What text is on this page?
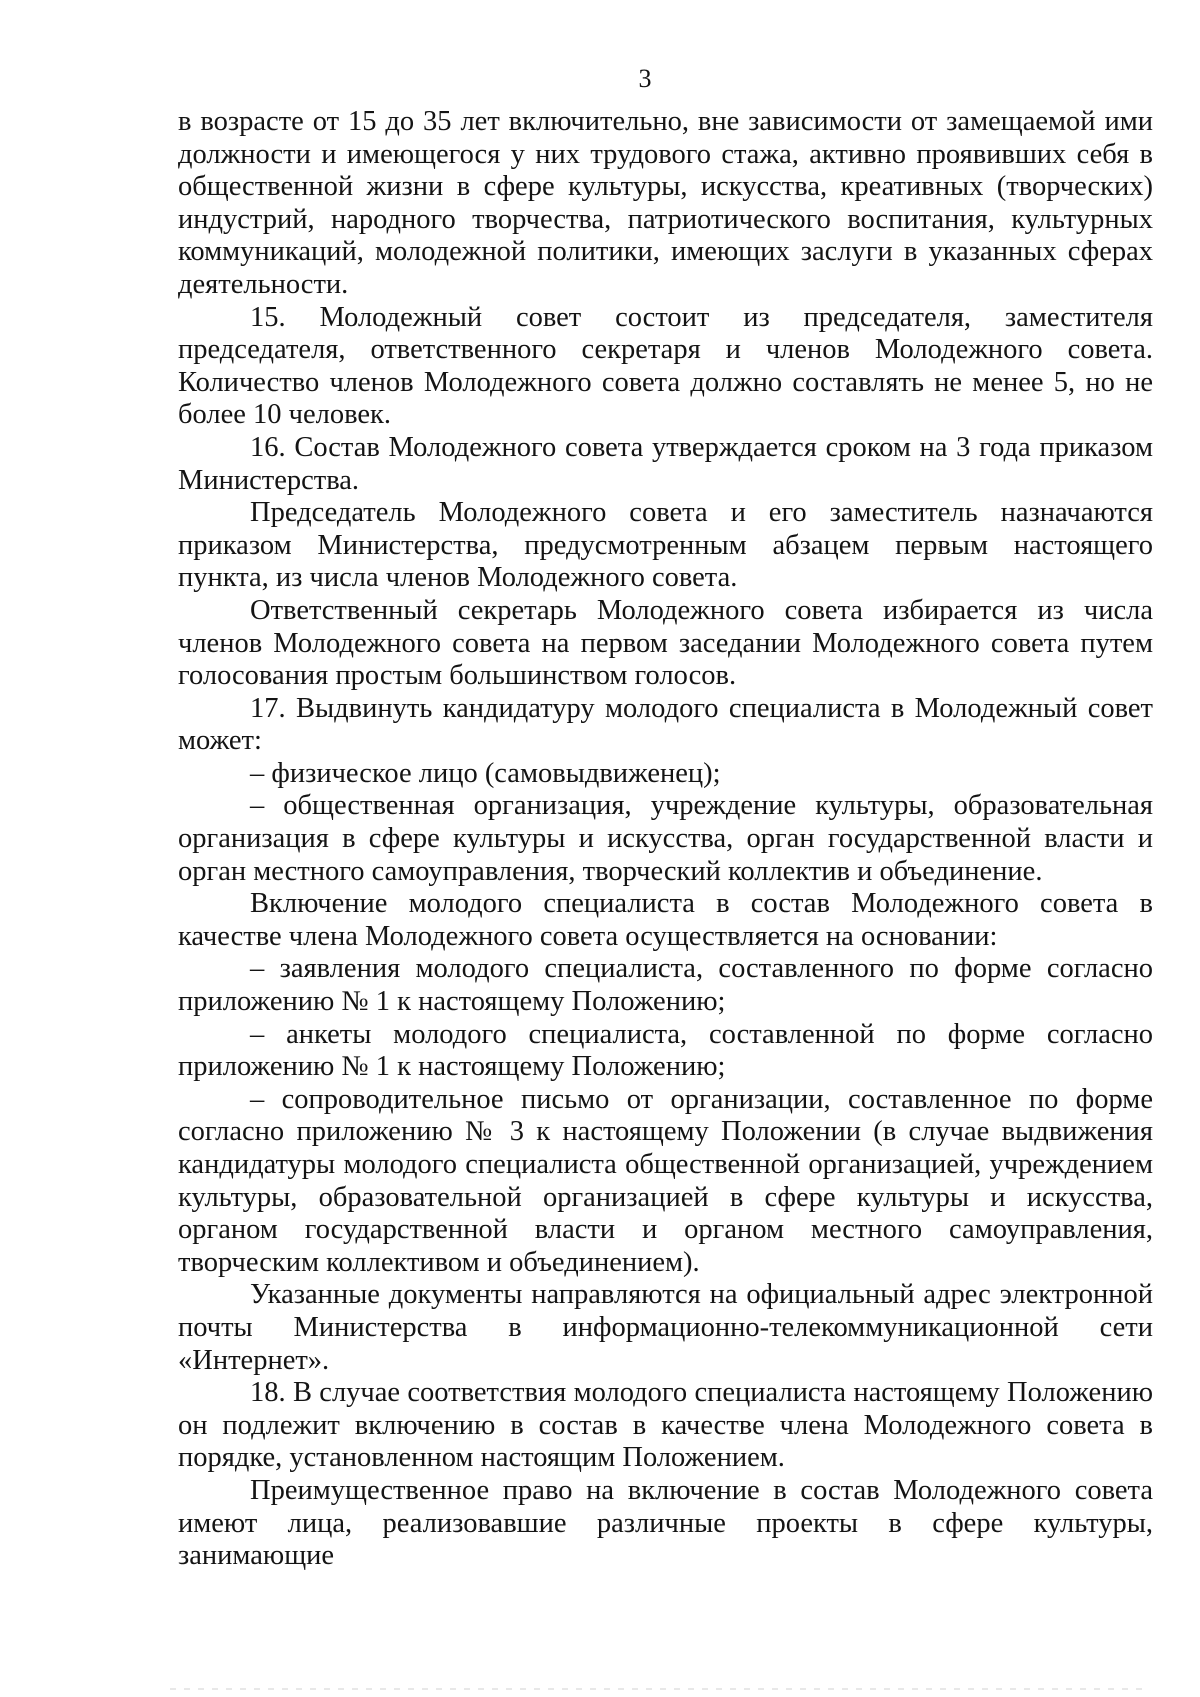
3

в возрасте от 15 до 35 лет включительно, вне зависимости от замещаемой ими должности и имеющегося у них трудового стажа, активно проявивших себя в общественной жизни в сфере культуры, искусства, креативных (творческих) индустрий, народного творчества, патриотического воспитания, культурных коммуникаций, молодежной политики, имеющих заслуги в указанных сферах деятельности.

15. Молодежный совет состоит из председателя, заместителя председателя, ответственного секретаря и членов Молодежного совета. Количество членов Молодежного совета должно составлять не менее 5, но не более 10 человек.

16. Состав Молодежного совета утверждается сроком на 3 года приказом Министерства.

Председатель Молодежного совета и его заместитель назначаются приказом Министерства, предусмотренным абзацем первым настоящего пункта, из числа членов Молодежного совета.

Ответственный секретарь Молодежного совета избирается из числа членов Молодежного совета на первом заседании Молодежного совета путем голосования простым большинством голосов.

17. Выдвинуть кандидатуру молодого специалиста в Молодежный совет может:

– физическое лицо (самовыдвиженец);

– общественная организация, учреждение культуры, образовательная организация в сфере культуры и искусства, орган государственной власти и орган местного самоуправления, творческий коллектив и объединение.

Включение молодого специалиста в состав Молодежного совета в качестве члена Молодежного совета осуществляется на основании:

– заявления молодого специалиста, составленного по форме согласно приложению № 1 к настоящему Положению;

– анкеты молодого специалиста, составленной по форме согласно приложению № 1 к настоящему Положению;

– сопроводительное письмо от организации, составленное по форме согласно приложению № 3 к настоящему Положении (в случае выдвижения кандидатуры молодого специалиста общественной организацией, учреждением культуры, образовательной организацией в сфере культуры и искусства, органом государственной власти и органом местного самоуправления, творческим коллективом и объединением).

Указанные документы направляются на официальный адрес электронной почты Министерства в информационно-телекоммуникационной сети «Интернет».

18. В случае соответствия молодого специалиста настоящему Положению он подлежит включению в состав в качестве члена Молодежного совета в порядке, установленном настоящим Положением.

Преимущественное право на включение в состав Молодежного совета имеют лица, реализовавшие различные проекты в сфере культуры, занимающие
